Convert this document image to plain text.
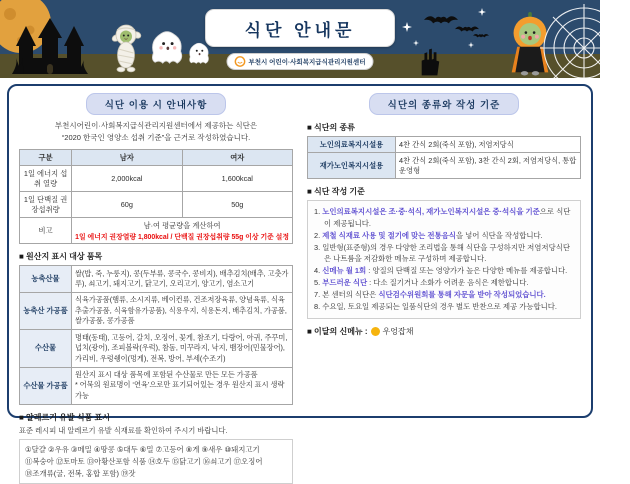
식단 안내문
부천시 어린이·사회복지급식관리지원센터
식단 이용 시 안내사항
부천시어린이·사회복지급식관리지원센터에서 제공하는 식단은
“2020 한국인 영양소 섭취 기준”을 근거로 작성하였습니다.
구분	남자	여자
1일 에너지 섭취 열량	2,000kcal	1,600kcal
1일 단백질 권장섭취량	60g	50g
비고	남·여 평균량을 계산하여
1일 에너지 권장열량 1,800kcal / 단백질 권장섭취량 55g 이상 기준 설정	
■ 원산지 표시 대상 품목
농축산물	쌀(밥, 죽, 누룽지), 콩(두부류, 콩국수, 콩비지), 배추김치(배추, 고춧가루), 쇠고기, 돼지고기, 닭고기, 오리고기, 양고기, 염소고기

농축산 가공품	식육가공품(햄류, 소시지류, 베이컨류, 건조저장육류, 양념육류, 식육추출가공품, 식육함유가공품), 식용우지, 식용돈지, 배추김치, 가공품, 쌀가공품, 콩가공품

수산물	명태(동태), 고등어, 갈치, 오징어, 꽃게, 참조기, 다랑어, 아귀, 주꾸미, 넙치(광어), 조피볼락(우럭), 참돔, 미꾸라지, 낙지, 뱀장어(민물장어), 가리비, 우렁쉥이(멍게), 전복, 방어, 부세(수조기)

수산물 가공품	원산지 표시 대상 품목에 포함된 수산물로 만든 모든 가공품
* 어묵의 원료명이 ‘연육’으로만 표기되어있는 경우 원산지 표시 생략 가능
■ 알레르기 유발 식품 표시
표준 레시피 내 알레르기 유발 식재료를 확인하여 주시기 바랍니다.
①달걀 ②우유 ③메밀 ④땅콩 ⑤대두 ⑥밀 ⑦고등어 ⑧게 ⑨새우 ⑩돼지고기
⑪복숭아 ⑫토마토 ⑬아황산포함 식품 ⑭호두 ⑮닭고기 ⑯쇠고기 ⑰오징어
⑱조개류(굴, 전복, 홍합 포함) ⑲잣
식단의 종류와 작성 기준
■ 식단의 종류
노인의료복지시설용	4찬 간식 2회(죽식 포함), 저염저당식
재가노인복지시설용	4찬 간식 2회(죽식 포함), 3찬 간식 2회, 저염저당식, 통합운영형
■ 식단 작성 기준
1. 노인의료복지시설은 조·중·석식, 재가노인복지시설은 중·석식을 기준으로 식단이 제공됩니다.
2. 제철 식재료 사용 및 절기에 맞는 전통음식을 넣어 식단을 작성합니다.
3. 일반형(표준형)의 경우 다양한 조리법을 통해 식단을 구성하지만 저염저당식단은 나트륨을 저감화한 메뉴로 구성하며 제공합니다.
4. 신메뉴 월 1회 : 양질의 단백질 또는 영양가가 높은 다양한 메뉴를 제공합니다.
5. 부드러운 식단 : 다소 질기거나 소화가 어려운 음식은 제한합니다.
7. 본 센터의 식단은 식단검수위원회를 통해 자문을 받아 작성되었습니다.
8. 수요일, 토요일 제공되는 일품식단의 경우 별도 반찬으로 제공 가능합니다.
■ 이달의 신메뉴 : 우엉잡채
